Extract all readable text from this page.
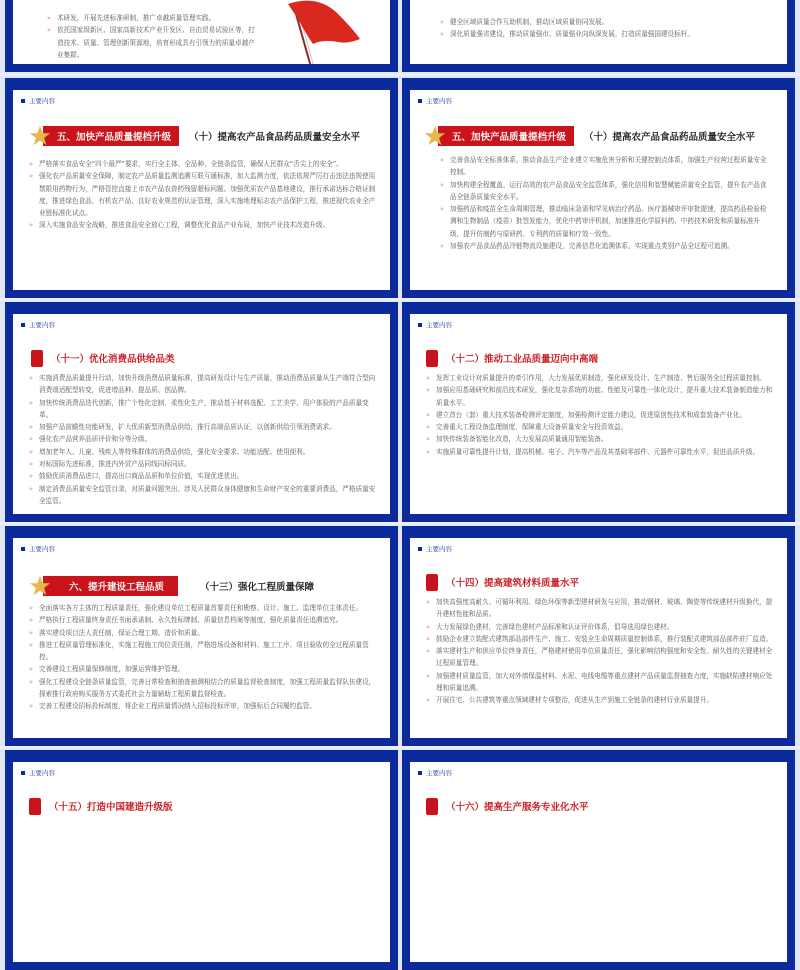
» 术研发，开展先进标准研制，推广卓越质量管理实践。
» 依托国家级新区、国家高新技术产业开发区、自由贸易试验区等，打造技术、质量、管理创新策源地，培育形成具有引领力的质量卓越产业集群。
» 健全区域质量合作互助机制，推动区域质量协同发展。
» 深化质量强省建设，推动质量强市、质量强业向纵深发展，打造质量强国建设标杆。
主要内容
五、加快产品质量提档升级	（十）提高农产品食品药品质量安全水平
» 严格落实食品安全“四个最严”要求，实行全主体、全品种、全链条监管，确保人民群众“舌尖上的安全”。
» 强化农产品质量安全保障，制定农产品质量监测追溯互联互通标准，加大监测力度，依法依规严厉打击违法违规使用禁限用药物行为，严格管控直接上市农产品农兽药残留超标问题。加强优质农产品基地建设，推行承诺达标合格证制度，推进绿色食品、有机农产品、良好农业规范的认证管理，深入实施地理标志农产品保护工程，推进现代农业全产业链标准化试点。
» 深入实施食品安全战略，推进食品安全放心工程，调整优化食品产业布局，加快产业技术改造升级。
主要内容
五、加快产品质量提档升级	（十）提高农产品食品药品质量安全水平
» 完善食品安全标准体系，推动食品生产企业建立实施危害分析和关键控制点体系，加强生产经营过程质量安全控制。
» 加快构建全程覆盖、运行高效的农产品食品安全监管体系，强化信用和智慧赋能质量安全监管，提升农产品食品全链条质量安全水平。
» 加强药品和疫苗全生命周期管理，推动临床急需和罕见病治疗药品、医疗器械审评审批提速，提高药品检验检测和生物制品（疫苗）批签发能力，优化中药审评机制，加速推进化学原料药、中药技术研发和质量标准升级，提升仿制药与原研药、专利药的质量和疗效一致性。
» 加强农产品食品药品冷链物流设施建设，完善信息化追溯体系，实现重点类别产品全过程可追溯。
主要内容
（十一）优化消费品供给品类
» 实施消费品质量提升行动，加快升级消费品质量标准，提高研发设计与生产质量，推动消费品质量从生产端符合型向消费端适配型转变，促进增品种、提品质、创品牌。
» 加快传统消费品迭代创新，推广个性化定制、柔性化生产，推动基于材料选配、工艺美学、用户体验的产品质量变革。
» 加强产品前瞻性功能研发，扩大优质新型消费品供给，推行高端品质认证，以创新供给引领消费需求。
» 强化农产品营养品质评价和分等分级。
» 增加老年人、儿童、残疾人等特殊群体的消费品供给，强化安全要求、功能适配、使用便利。
» 对标国际先进标准，推进内外贸产品同线同标同质。
» 鼓励优质消费品进口，提高出口商品品质和单位价值，实现优进优出。
» 制定消费品质量安全监管目录，对质量问题突出、涉及人民群众身体健康和生命财产安全的重要消费品，严格质量安全监管。
主要内容
（十二）推动工业品质量迈向中高端
» 发挥工业设计对质量提升的牵引作用，大力发展优质制造，强化研发设计、生产制造、售后服务全过程质量控制。
» 加强应用基础研究和前沿技术研发，强化复杂系统的功能、性能及可靠性一体化设计，提升重大技术装备制造能力和质量水平。
» 建立首台（套）重大技术装备检测评定制度，加强检测评定能力建设，促进原创性技术和成套装备产业化。
» 完善重大工程设备监理制度，保障重大设备质量安全与投资效益。
» 加快传统装备智能化改造，大力发展高质量通用智能装备。
» 实施质量可靠性提升计划，提高机械、电子、汽车等产品及其基础零部件、元器件可靠性水平，促进品质升级。
主要内容
六、提升建设工程品质	（十三）强化工程质量保障
» 全面落实各方主体的工程质量责任，强化建设单位工程质量首要责任和勘察、设计、施工、监理单位主体责任。
» 严格执行工程质量终身责任书面承诺制、永久性标牌制、质量信息档案等制度，强化质量责任追溯追究。
» 落实建设项目法人责任制，保证合理工期、造价和质量。
» 推进工程质量管理标准化，实施工程施工岗位责任制，严格进场设备和材料、施工工序、项目验收的全过程质量管控。
» 完善建设工程质量保修制度，加强运营维护管理。
» 强化工程建设全链条质量监管，完善日常检查和抽查抽测相结合的质量监督检查制度，加强工程质量监督队伍建设，探索推行政府购买服务方式委托社会力量辅助工程质量监督检查。
» 完善工程建设招标投标制度，将企业工程质量情况纳入招标投标评审，加强标后合同履约监管。
主要内容
（十四）提高建筑材料质量水平
» 加快高强度高耐久、可循环利用、绿色环保等新型建材研发与应用，推动钢材、玻璃、陶瓷等传统建材升级换代，提升建材性能和品质。
» 大力发展绿色建材，完善绿色建材产品标准和认证评价体系，倡导选用绿色建材。
» 鼓励企业建立装配式建筑部品部件生产、施工、安装全生命周期质量控制体系，推行装配式建筑部品部件驻厂监造。
» 落实建材生产和供应单位终身责任，严格建材使用单位质量责任，强化影响结构强度和安全性、耐久性的关键建材全过程质量管理。
» 加强建材质量监管，加大对外墙保温材料、水泥、电线电缆等重点建材产品质量监督抽查力度，实施缺陷建材响应处理和质量追溯。
» 开展住宅、公共建筑等重点领域建材专项整治，促进从生产到施工全链条的建材行业质量提升。
主要内容
（十五）打造中国建造升级版
主要内容
（十六）提高生产服务专业化水平
